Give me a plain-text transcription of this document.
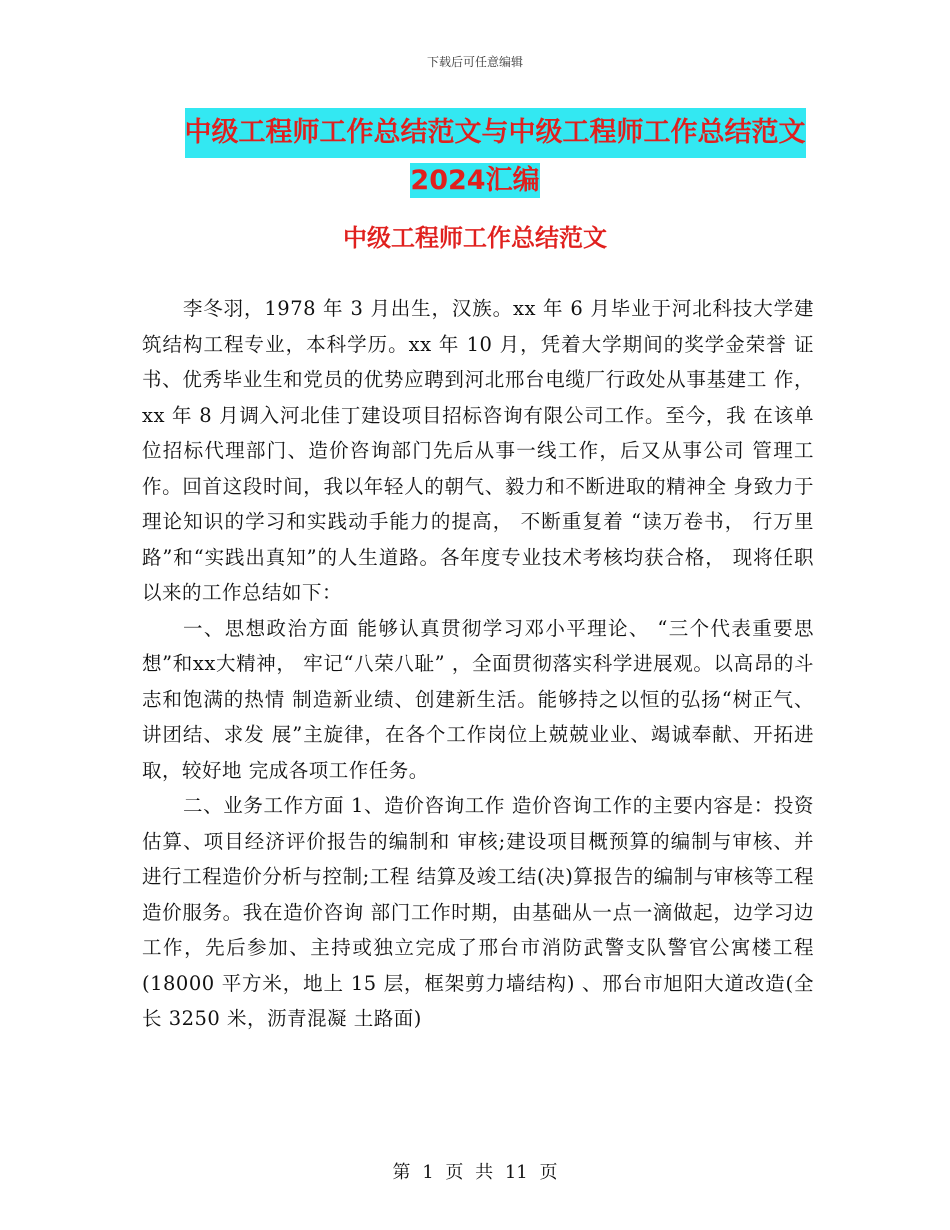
下载后可任意编辑
中级工程师工作总结范文与中级工程师工作总结范文
2024汇编
中级工程师工作总结范文

李冬羽，1978 年 3 月出生，汉族。xx 年 6 月毕业于河北科技大学建 筑结构工程专业，本科学历。xx 年 10 月，凭着大学期间的奖学金荣誉 证书、优秀毕业生和党员的优势应聘到河北邢台电缆厂行政处从事基建工 作，xx 年 8 月调入河北佳丁建设项目招标咨询有限公司工作。至今，我 在该单位招标代理部门、造价咨询部门先后从事一线工作，后又从事公司 管理工作。回首这段时间，我以年轻人的朝气、毅力和不断进取的精神全 身致力于理论知识的学习和实践动手能力的提高， 不断重复着 “读万卷书， 行万里路”和“实践出真知”的人生道路。各年度专业技术考核均获合格， 现将任职以来的工作总结如下：

一、思想政治方面 能够认真贯彻学习邓小平理论、 “三个代表重要思想”和xx大精神， 牢记“八荣八耻” ，全面贯彻落实科学进展观。以高昂的斗志和饱满的热情 制造新业绩、创建新生活。能够持之以恒的弘扬“树正气、讲团结、求发 展”主旋律，在各个工作岗位上兢兢业业、竭诚奉献、开拓进取，较好地 完成各项工作任务。

二、业务工作方面 1、造价咨询工作 造价咨询工作的主要内容是：投资估算、项目经济评价报告的编制和 审核;建设项目概预算的编制与审核、并进行工程造价分析与控制;工程 结算及竣工结(决)算报告的编制与审核等工程造价服务。我在造价咨询 部门工作时期，由基础从一点一滴做起，边学习边工作，先后参加、主持或独立完成了邢台市消防武警支队警官公寓楼工程(18000 平方米，地上 15 层，框架剪力墙结构) 、邢台市旭阳大道改造(全长 3250 米，沥青混凝 土路面)

第 1 页 共 11 页
